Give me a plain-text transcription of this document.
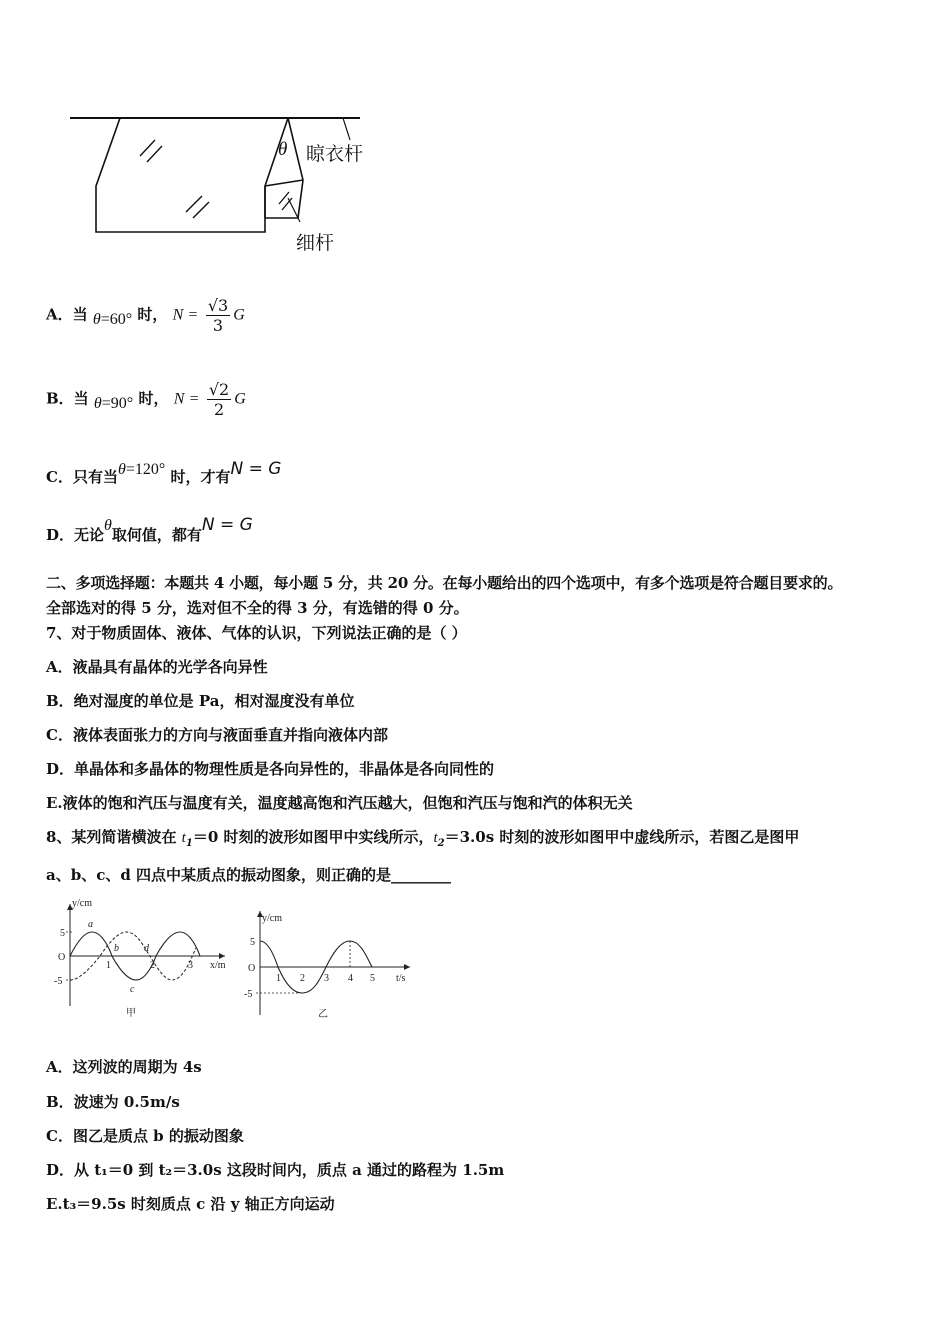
θ 晾衣杆
细杆
A．当 θ=60° 时， $N = \frac{√3}{3}$ G
B．当 θ=90° 时， $N = \frac{√2}{2}$ G
C．只有当θ=120° 时，才有N = G
D．无论θ取何值，都有N = G
二、多项选择题：本题共 4 小题，每小题 5 分，共 20 分。在每小题给出的四个选项中，有多个选项是符合题目要求的。
全部选对的得 5 分，选对但不全的得 3 分，有选错的得 0 分。
7、对于物质固体、液体、气体的认识，下列说法正确的是（ ）
A．液晶具有晶体的光学各向异性
B．绝对湿度的单位是 Pa，相对湿度没有单位
C．液体表面张力的方向与液面垂直并指向液体内部
D．单晶体和多晶体的物理性质是各向异性的，非晶体是各向同性的
E.液体的饱和汽压与温度有关，温度越高饱和汽压越大，但饱和汽压与饱和汽的体积无关
8、某列简谐横波在 $t_1=0$ 时刻的波形如图甲中实线所示，$t_2=3.0s$ 时刻的波形如图甲中虚线所示，若图乙是图甲
a、b、c、d 四点中某质点的振动图象，则正确的是________
y/cm
x/m
5
O
-5
1	2	3
a
b
c
d
甲
y/cm
t/s
5
O
-5
1 2 3 4 5
乙
A．这列波的周期为 4s
B．波速为 0.5m/s
C．图乙是质点 b 的振动图象
D．从 t₁＝0 到 t₂＝3.0s 这段时间内，质点 a 通过的路程为 1.5m
E.t₃＝9.5s 时刻质点 c 沿 y 轴正方向运动
